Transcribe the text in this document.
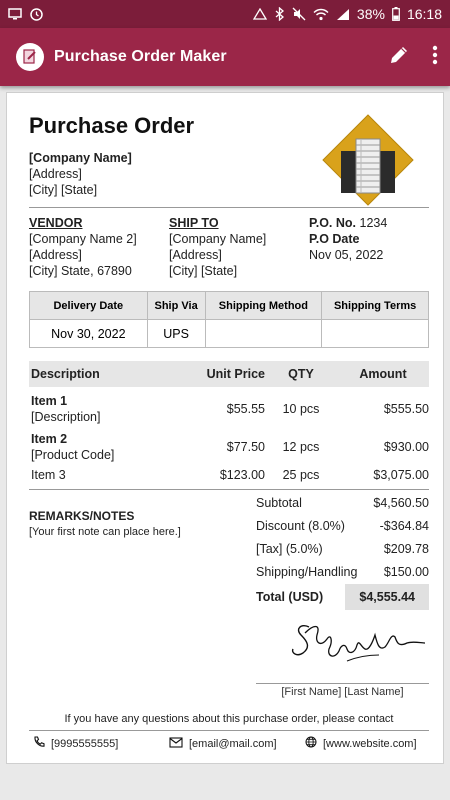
38% 16:18
Purchase Order Maker
Purchase Order
[Company Name]
[Address]
[City] [State]
VENDOR
[Company Name 2]
[Address]
[City] State, 67890
SHIP TO
[Company Name]
[Address]
[City] [State]
P.O. No. 1234
P.O Date
Nov 05, 2022
Delivery Date	Ship Via	Shipping Method	Shipping Terms
Nov 30, 2022	UPS		
Description	Unit Price	QTY	Amount
Item 1
[Description]
$55.55	10 pcs	$555.50
Item 2
[Product Code]
$77.50	12 pcs	$930.00
Item 3	$123.00	25 pcs	$3,075.00
REMARKS/NOTES
[Your first note can place here.]
Subtotal	$4,560.50
Discount (8.0%)	-$364.84
[Tax] (5.0%)	$209.78
Shipping/Handling $150.00
Total (USD)	$4,555.44
[First Name] [Last Name]
If you have any questions about this purchase order, please contact
[9995555555]	[email@mail.com]	[www.website.com]
